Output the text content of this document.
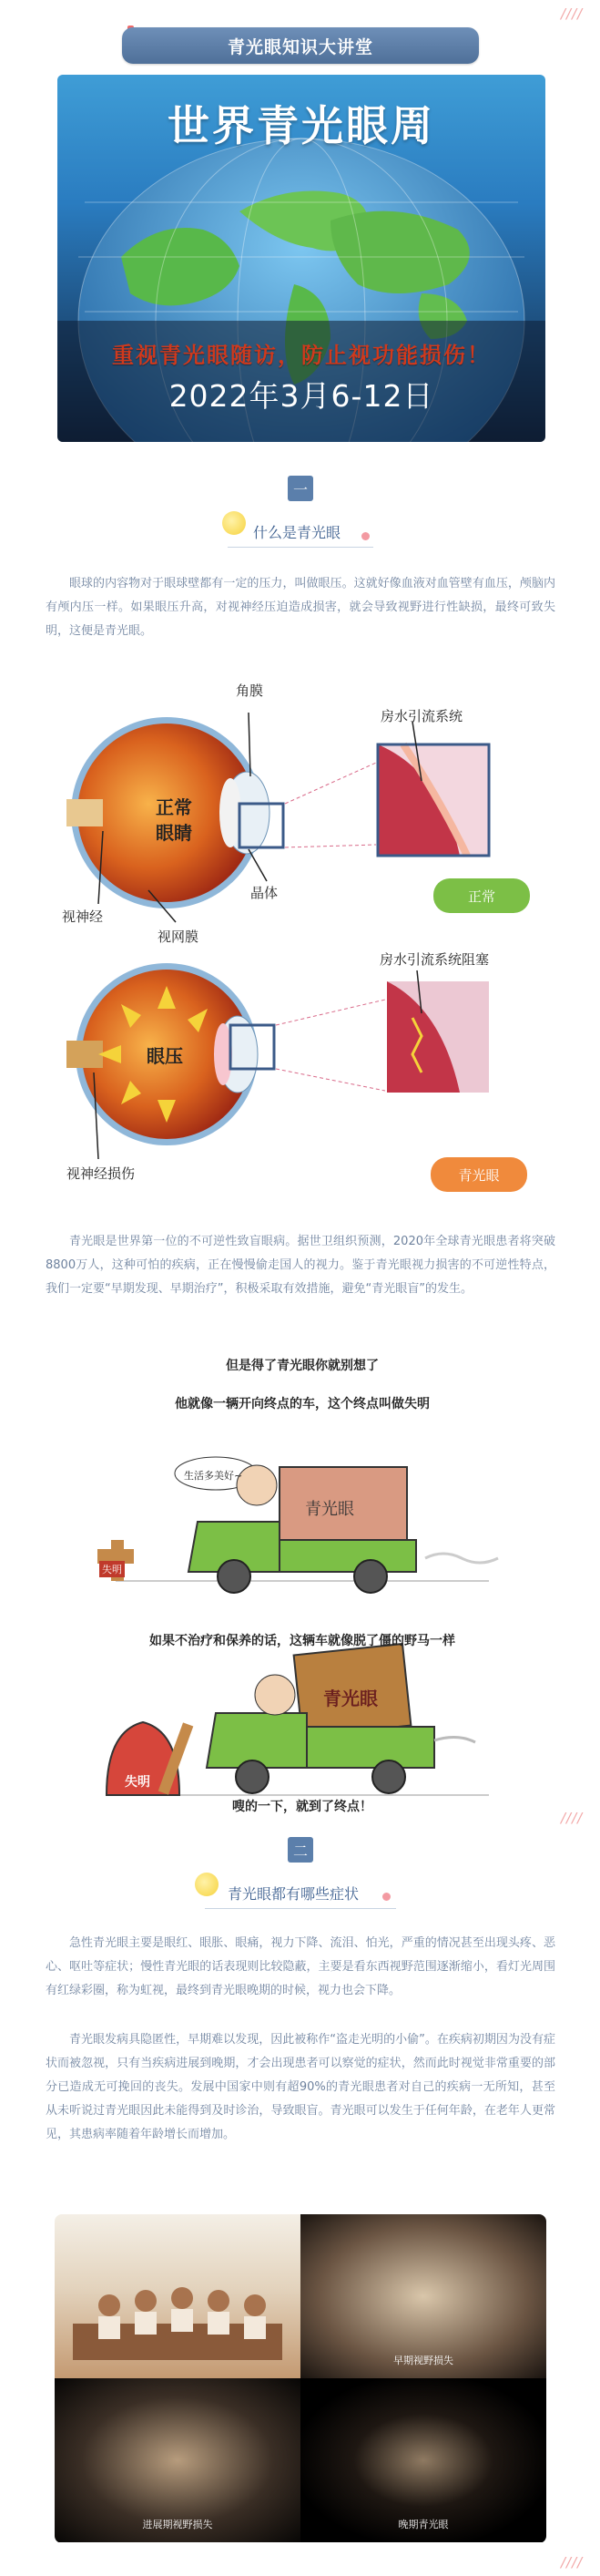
////
青光眼知识大讲堂
世界青光眼周
重视青光眼随访，防止视功能损伤！
2022年3月6-12日
一
什么是青光眼
眼球的内容物对于眼球壁都有一定的压力，叫做眼压。这就好像血液对血管壁有血压，颅脑内有颅内压一样。如果眼压升高，对视神经压迫造成损害，就会导致视野进行性缺损，最终可致失明，这便是青光眼。
角膜
房水引流系统
正常
眼睛
视神经
晶体
视网膜
正常
房水引流系统阻塞
眼压
视神经损伤	青光眼
青光眼是世界第一位的不可逆性致盲眼病。据世卫组织预测，2020年全球青光眼患者将突破8800万人，这种可怕的疾病，正在慢慢偷走国人的视力。鉴于青光眼视力损害的不可逆性特点，我们一定要“早期发现、早期治疗”，积极采取有效措施，避免“青光眼盲”的发生。
但是得了青光眼你就别想了
他就像一辆开向终点的车，这个终点叫做失明
生活多美好~
青光眼
失明
如果不治疗和保养的话，这辆车就像脱了僵的野马一样
青光眼
失明
嗖的一下，就到了终点！
////
二
青光眼都有哪些症状
急性青光眼主要是眼红、眼胀、眼痛，视力下降、流泪、怕光，严重的情况甚至出现头疼、恶心、呕吐等症状；慢性青光眼的话表现则比较隐蔽，主要是看东西视野范围逐渐缩小，看灯光周围有红绿彩圈，称为虹视，最终到青光眼晚期的时候，视力也会下降。
青光眼发病具隐匿性，早期难以发现，因此被称作“盗走光明的小偷”。在疾病初期因为没有症状而被忽视，只有当疾病进展到晚期，才会出现患者可以察觉的症状，然而此时视觉非常重要的部分已造成无可挽回的丧失。发展中国家中则有超90%的青光眼患者对自己的疾病一无所知，甚至从未听说过青光眼因此未能得到及时诊治，导致眼盲。青光眼可以发生于任何年龄，在老年人更常见，其患病率随着年龄增长而增加。
早期视野损失
进展期视野损失	晚期青光眼
////
